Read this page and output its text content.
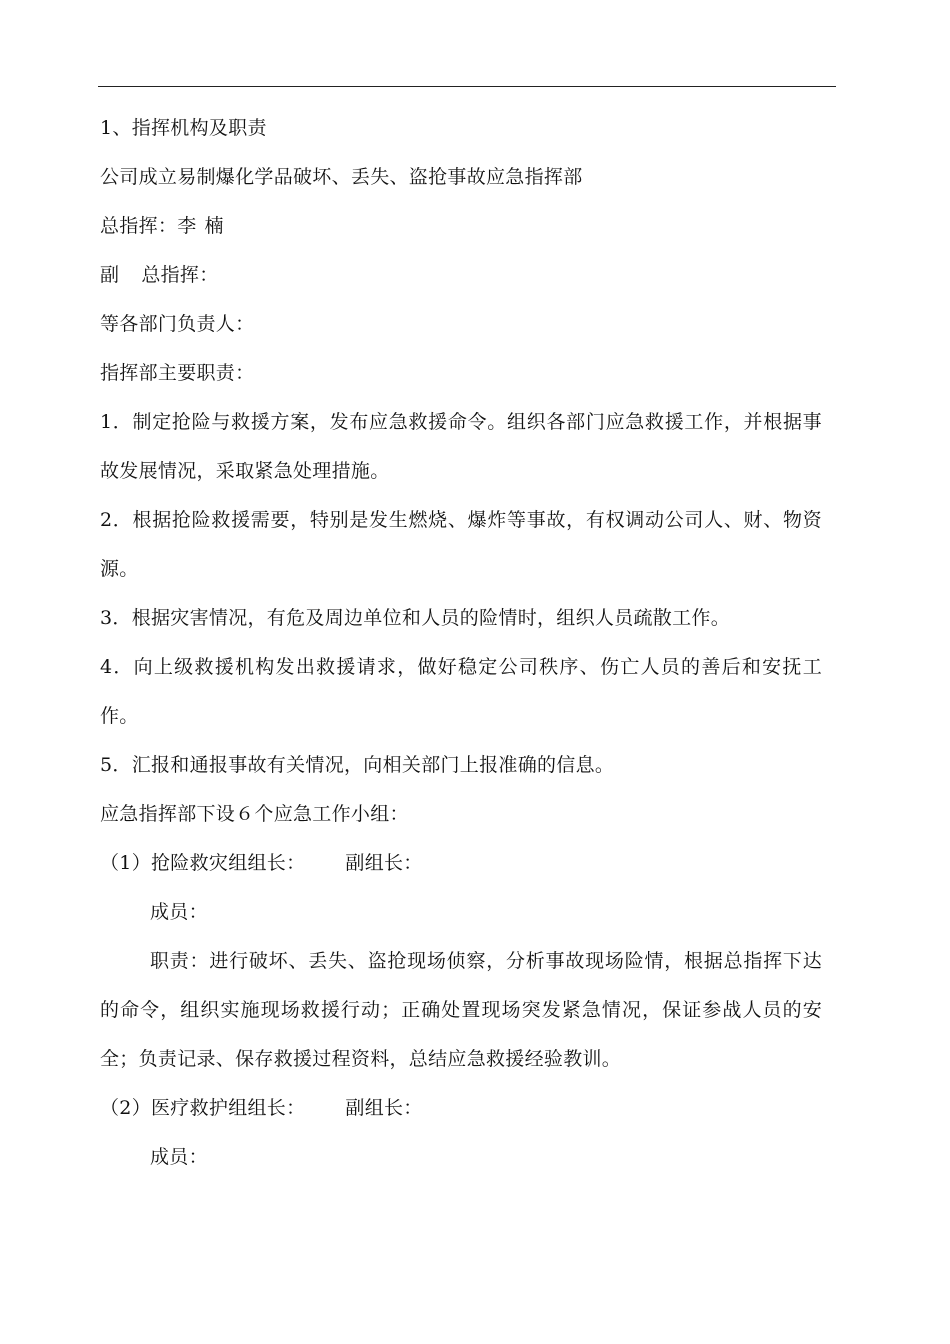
1、指挥机构及职责
公司成立易制爆化学品破坏、丢失、盗抢事故应急指挥部
总指挥：李 楠
副 总指挥：
等各部门负责人：
指挥部主要职责：
1．制定抢险与救援方案，发布应急救援命令。组织各部门应急救援工作，并根据事故发展情况，采取紧急处理措施。
2．根据抢险救援需要，特别是发生燃烧、爆炸等事故，有权调动公司人、财、物资源。
3．根据灾害情况，有危及周边单位和人员的险情时，组织人员疏散工作。
4．向上级救援机构发出救援请求，做好稳定公司秩序、伤亡人员的善后和安抚工作。
5．汇报和通报事故有关情况，向相关部门上报准确的信息。
应急指挥部下设６个应急工作小组：
（1）抢险救灾组组长： 副组长：
成员：
职责：进行破坏、丢失、盗抢现场侦察，分析事故现场险情，根据总指挥下达的命令，组织实施现场救援行动；正确处置现场突发紧急情况，保证参战人员的安全；负责记录、保存救援过程资料，总结应急救援经验教训。
（2）医疗救护组组长： 副组长：
成员：
